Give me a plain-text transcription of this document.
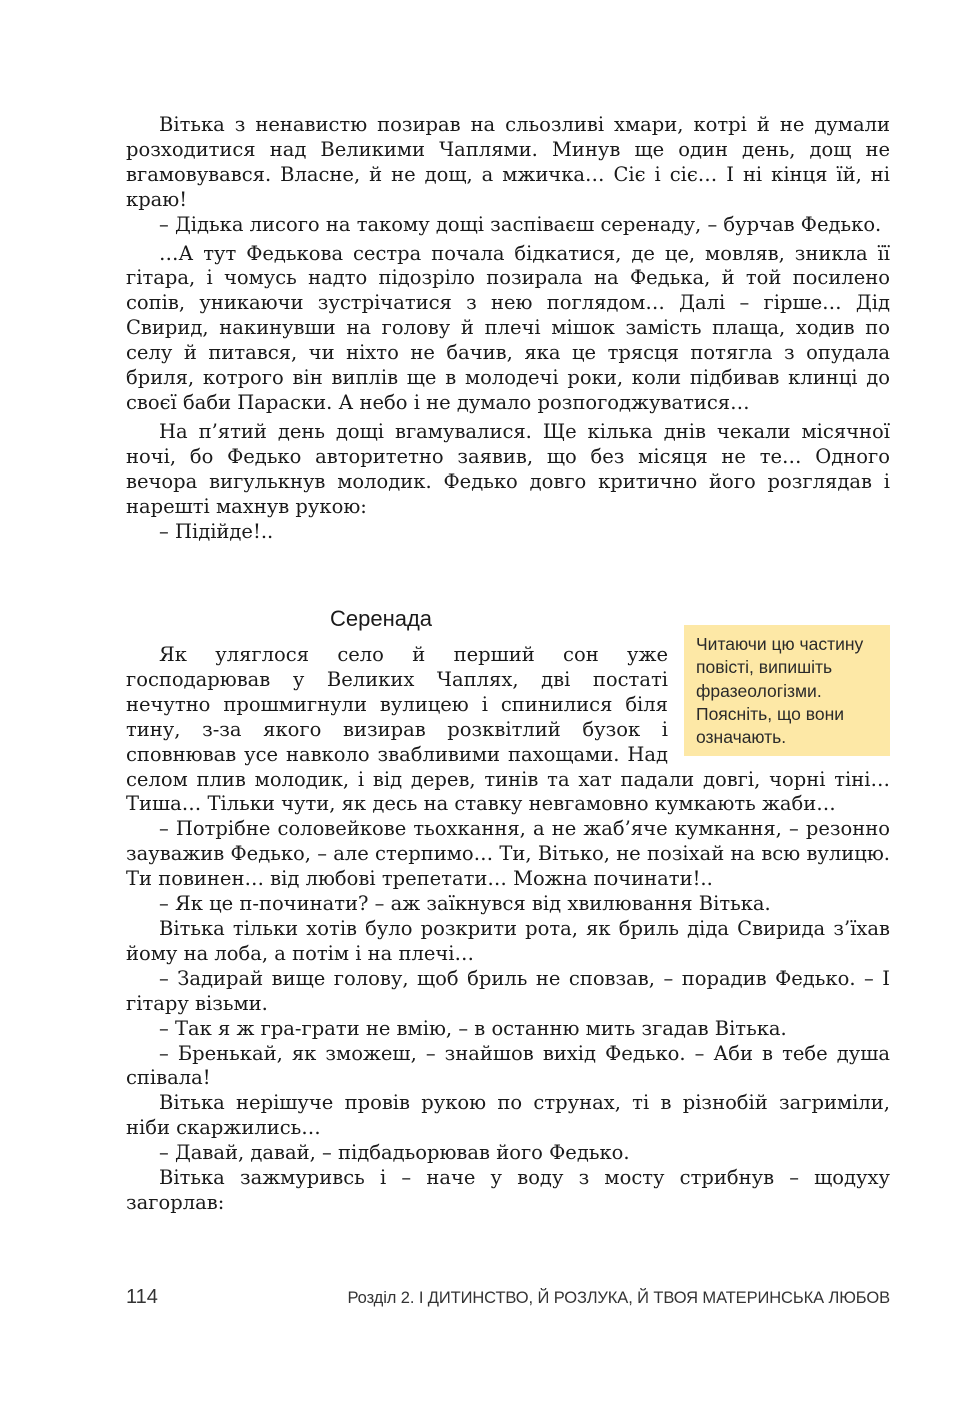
Вітька з ненавистю позирав на сльозливі хмари, котрі й не думали розходитися над Великими Чаплями. Минув ще один день, дощ не вгамовувався. Власне, й не дощ, а мжичка… Сіє і сіє… І ні кінця їй, ні краю!

– Дідька лисого на такому дощі заспіваєш серенаду, – бурчав Федько.

…А тут Федькова сестра почала бідкатися, де це, мовляв, зникла її гітара, і чомусь надто підозріло позирала на Федька, й той посилено сопів, уникаючи зустрічатися з нею поглядом… Далі – гірше… Дід Свирид, накинувши на голову й плечі мішок замість плаща, ходив по селу й питався, чи ніхто не бачив, яка це трясця потягла з опудала бриля, котрого він виплів ще в молодечі роки, коли підбивав клинці до своєї баби Параски. А небо і не думало розпогоджуватися…

На п’ятий день дощі вгамувалися. Ще кілька днів чекали місячної ночі, бо Федько авторитетно заявив, що без місяця не те… Одного вечора вигулькнув молодик. Федько довго критично його розглядав і нарешті махнув рукою:

– Підійде!..

Серенада
Читаючи цю частину
повісті, випишіть
фразеологізми.
Поясніть, що вони
означають.

Як уляглося село й перший сон уже господарював у Великих Чаплях, дві постаті нечутно прошмигнули вулицею і спинилися біля тину, з-за якого визирав розквітлий бузок і сповнював усе навколо звабливими пахощами. Над селом плив молодик, і від дерев, тинів та хат падали довгі, чорні тіні… Тиша… Тільки чути, як десь на ставку невгамовно кумкають жаби…

– Потрібне соловейкове тьохкання, а не жаб’яче кумкання, – резонно зауважив Федько, – але стерпимо… Ти, Вітько, не позіхай на всю вулицю. Ти повинен… від любові трепетати… Можна починати!..

– Як це п-починати? – аж заїкнувся від хвилювання Вітька.

Вітька тільки хотів було розкрити рота, як бриль діда Свирида з’їхав йому на лоба, а потім і на плечі…

– Задирай вище голову, щоб бриль не сповзав, – порадив Федько. – І гітару візьми.

– Так я ж гра-грати не вмію, – в останню мить згадав Вітька.

– Бренькай, як зможеш, – знайшов вихід Федько. – Аби в тебе душа співала!

Вітька нерішуче провів рукою по струнах, ті в різнобій загриміли, ніби скаржились…

– Давай, давай, – підбадьорював його Федько.

Вітька зажмуривсь і – наче у воду з мосту стрибнув – щодуху загорлав:

114	Розділ 2. І ДИТИНСТВО, Й РОЗЛУКА, Й ТВОЯ МАТЕРИНСЬКА ЛЮБОВ
